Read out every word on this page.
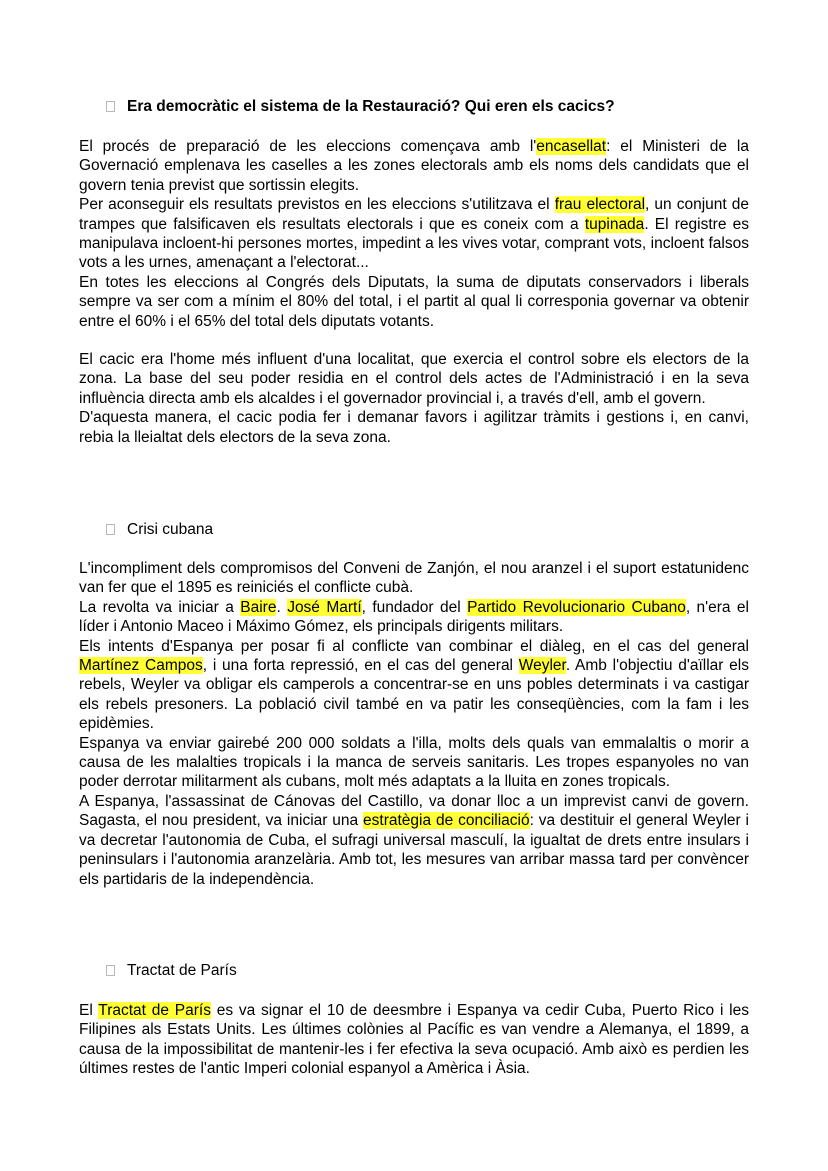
Era democràtic el sistema de la Restauració? Qui eren els cacics?

El procés de preparació de les eleccions començava amb l'encasellat: el Ministeri de la Governació emplenava les caselles a les zones electorals amb els noms dels candidats que el govern tenia previst que sortissin elegits.

Per aconseguir els resultats previstos en les eleccions s'utilitzava el frau electoral, un conjunt de trampes que falsificaven els resultats electorals i que es coneix com a tupinada. El registre es manipulava incloent-hi persones mortes, impedint a les vives votar, comprant vots, incloent falsos vots a les urnes, amenaçant a l'electorat...

En totes les eleccions al Congrés dels Diputats, la suma de diputats conservadors i liberals sempre va ser com a mínim el 80% del total, i el partit al qual li corresponia governar va obtenir entre el 60% i el 65% del total dels diputats votants.

El cacic era l'home més influent d'una localitat, que exercia el control sobre els electors de la zona. La base del seu poder residia en el control dels actes de l'Administració i en la seva influència directa amb els alcaldes i el governador provincial i, a través d'ell, amb el govern.

D'aquesta manera, el cacic podia fer i demanar favors i agilitzar tràmits i gestions i, en canvi, rebia la lleialtat dels electors de la seva zona.

Crisi cubana

L'incompliment dels compromisos del Conveni de Zanjón, el nou aranzel i el suport estatunidenc van fer que el 1895 es reiniciés el conflicte cubà.

La revolta va iniciar a Baire. José Martí, fundador del Partido Revolucionario Cubano, n'era el líder i Antonio Maceo i Máximo Gómez, els principals dirigents militars.

Els intents d'Espanya per posar fi al conflicte van combinar el diàleg, en el cas del general Martínez Campos, i una forta repressió, en el cas del general Weyler. Amb l'objectiu d'aïllar els rebels, Weyler va obligar els camperols a concentrar-se en uns pobles determinats i va castigar els rebels presoners. La població civil també en va patir les conseqüències, com la fam i les epidèmies.

Espanya va enviar gairebé 200 000 soldats a l'illa, molts dels quals van emmalaltis o morir a causa de les malalties tropicals i la manca de serveis sanitaris. Les tropes espanyoles no van poder derrotar militarment als cubans, molt més adaptats a la lluita en zones tropicals.

A Espanya, l'assassinat de Cánovas del Castillo, va donar lloc a un imprevist canvi de govern. Sagasta, el nou president, va iniciar una estratègia de conciliació: va destituir el general Weyler i va decretar l'autonomia de Cuba, el sufragi universal masculí, la igualtat de drets entre insulars i peninsulars i l'autonomia aranzelària. Amb tot, les mesures van arribar massa tard per convèncer els partidaris de la independència.

Tractat de París

El Tractat de París es va signar el 10 de deesmbre i Espanya va cedir Cuba, Puerto Rico i les Filipines als Estats Units. Les últimes colònies al Pacífic es van vendre a Alemanya, el 1899, a causa de la impossibilitat de mantenir-les i fer efectiva la seva ocupació. Amb això es perdien les últimes restes de l'antic Imperi colonial espanyol a Amèrica i Àsia.
